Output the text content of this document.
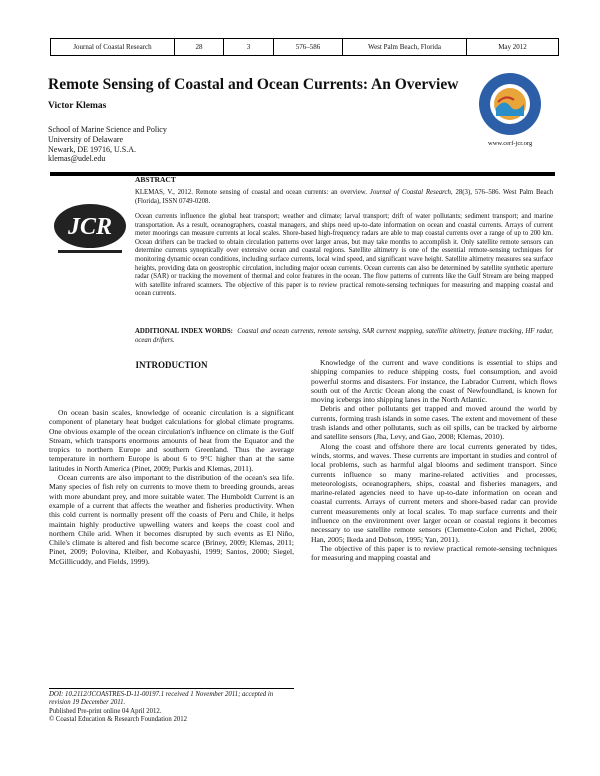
Journal of Coastal Research	28	3	576–586	West Palm Beach, Florida	May 2012
Remote Sensing of Coastal and Ocean Currents: An Overview
Victor Klemas
School of Marine Science and Policy
University of Delaware
Newark, DE 19716, U.S.A.
klemas@udel.edu
www.cerf-jcr.org
ABSTRACT
JCR
KLEMAS, V., 2012. Remote sensing of coastal and ocean currents: an overview. Journal of Coastal Research, 28(3), 576–586. West Palm Beach (Florida), ISSN 0749-0208.
Ocean currents influence the global heat transport; weather and climate; larval transport; drift of water pollutants; sediment transport; and marine transportation. As a result, oceanographers, coastal managers, and ships need up-to-date information on ocean and coastal currents. Arrays of current meter moorings can measure currents at local scales. Shore-based high-frequency radars are able to map coastal currents over a range of up to 200 km. Ocean drifters can be tracked to obtain circulation patterns over larger areas, but may take months to accomplish it. Only satellite remote sensors can determine currents synoptically over extensive ocean and coastal regions. Satellite altimetry is one of the essential remote-sensing techniques for monitoring dynamic ocean conditions, including surface currents, local wind speed, and significant wave height. Satellite altimetry measures sea surface heights, providing data on geostrophic circulation, including major ocean currents. Ocean currents can also be determined by satellite synthetic aperture radar (SAR) or tracking the movement of thermal and color features in the ocean. The flow patterns of currents like the Gulf Stream are being mapped with satellite infrared scanners. The objective of this paper is to review practical remote-sensing techniques for measuring and mapping coastal and ocean currents.
ADDITIONAL INDEX WORDS: Coastal and ocean currents, remote sensing, SAR current mapping, satellite altimetry, feature tracking, HF radar, ocean drifters.
INTRODUCTION

On ocean basin scales, knowledge of oceanic circulation is a significant component of planetary heat budget calculations for global climate programs. One obvious example of the ocean circulation's influence on climate is the Gulf Stream, which transports enormous amounts of heat from the Equator and the tropics to northern Europe and southern Greenland. Thus the average temperature in northern Europe is about 6 to 9°C higher than at the same latitudes in North America (Pinet, 2009; Purkis and Klemas, 2011).

Ocean currents are also important to the distribution of the ocean's sea life. Many species of fish rely on currents to move them to breeding grounds, areas with more abundant prey, and more suitable water. The Humboldt Current is an example of a current that affects the weather and fisheries productivity. When this cold current is normally present off the coasts of Peru and Chile, it helps maintain highly productive upwelling waters and keeps the coast cool and northern Chile arid. When it becomes disrupted by such events as El Niño, Chile's climate is altered and fish become scarce (Briney, 2009; Klemas, 2011; Pinet, 2009; Polovina, Kleiber, and Kobayashi, 1999; Santos, 2000; Siegel, McGillicuddy, and Fields, 1999).

Knowledge of the current and wave conditions is essential to ships and shipping companies to reduce shipping costs, fuel consumption, and avoid powerful storms and disasters. For instance, the Labrador Current, which flows south out of the Arctic Ocean along the coast of Newfoundland, is known for moving icebergs into shipping lanes in the North Atlantic.

Debris and other pollutants get trapped and moved around the world by currents, forming trash islands in some cases. The extent and movement of these trash islands and other pollutants, such as oil spills, can be tracked by airborne and satellite sensors (Jha, Levy, and Gao, 2008; Klemas, 2010).

Along the coast and offshore there are local currents generated by tides, winds, storms, and waves. These currents are important in studies and control of local problems, such as harmful algal blooms and sediment transport. Since currents influence so many marine-related activities and processes, meteorologists, oceanographers, ships, coastal and fisheries managers, and marine-related agencies need to have up-to-date information on ocean and coastal currents. Arrays of current meters and shore-based radar can provide current measurements only at local scales. To map surface currents and their influence on the environment over larger ocean or coastal regions it becomes necessary to use satellite remote sensors (Clemente-Colon and Pichel, 2006; Han, 2005; Ikeda and Dobson, 1995; Yan, 2011).

The objective of this paper is to review practical remote-sensing techniques for measuring and mapping coastal and

DOI: 10.2112/JCOASTRES-D-11-00197.1 received 1 November 2011; accepted in revision 19 December 2011.
Published Pre-print online 04 April 2012.
© Coastal Education & Research Foundation 2012
